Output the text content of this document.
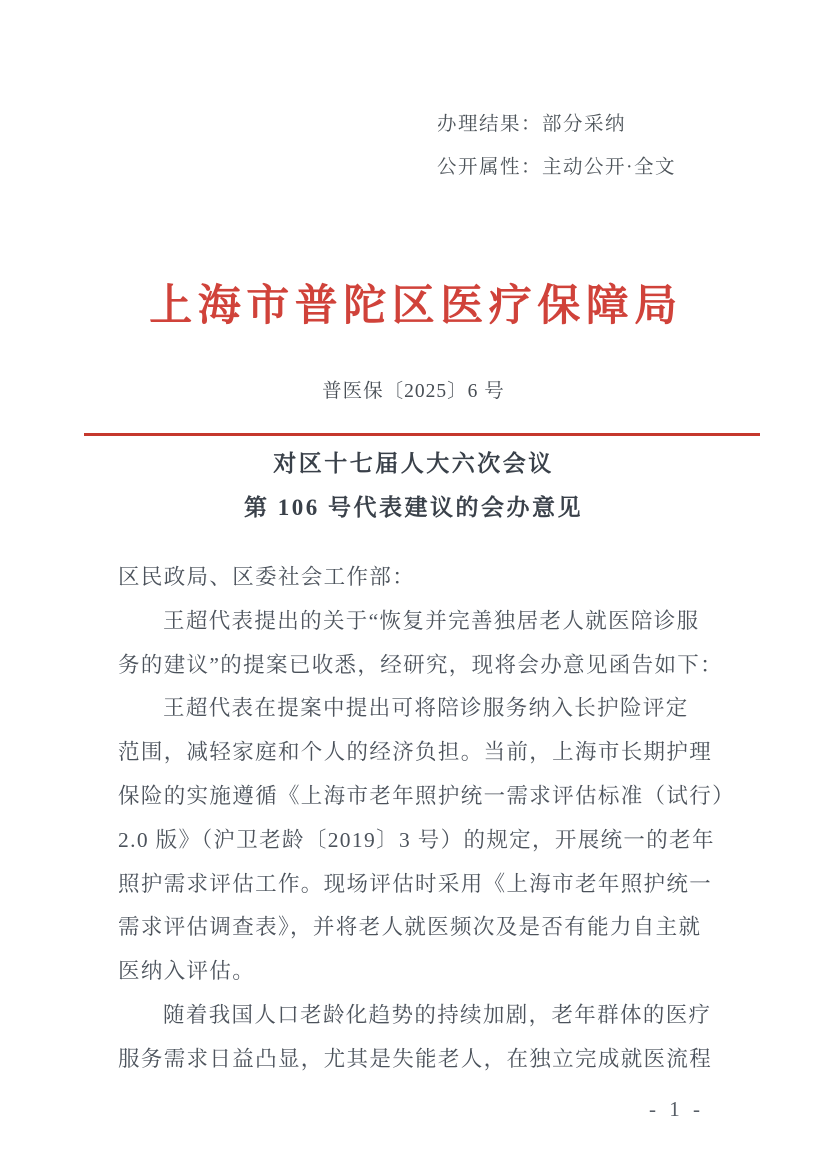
办理结果：部分采纳
公开属性：主动公开·全文
上海市普陀区医疗保障局
普医保〔2025〕6 号
对区十七届人大六次会议
第 106 号代表建议的会办意见
区民政局、区委社会工作部：
王超代表提出的关于“恢复并完善独居老人就医陪诊服
务的建议”的提案已收悉，经研究，现将会办意见函告如下：
王超代表在提案中提出可将陪诊服务纳入长护险评定
范围，减轻家庭和个人的经济负担。当前，上海市长期护理
保险的实施遵循《上海市老年照护统一需求评估标准（试行）
2.0 版》（沪卫老龄〔2019〕3 号）的规定，开展统一的老年
照护需求评估工作。现场评估时采用《上海市老年照护统一
需求评估调查表》，并将老人就医频次及是否有能力自主就
医纳入评估。
随着我国人口老龄化趋势的持续加剧，老年群体的医疗
服务需求日益凸显，尤其是失能老人，在独立完成就医流程
- 1 -
